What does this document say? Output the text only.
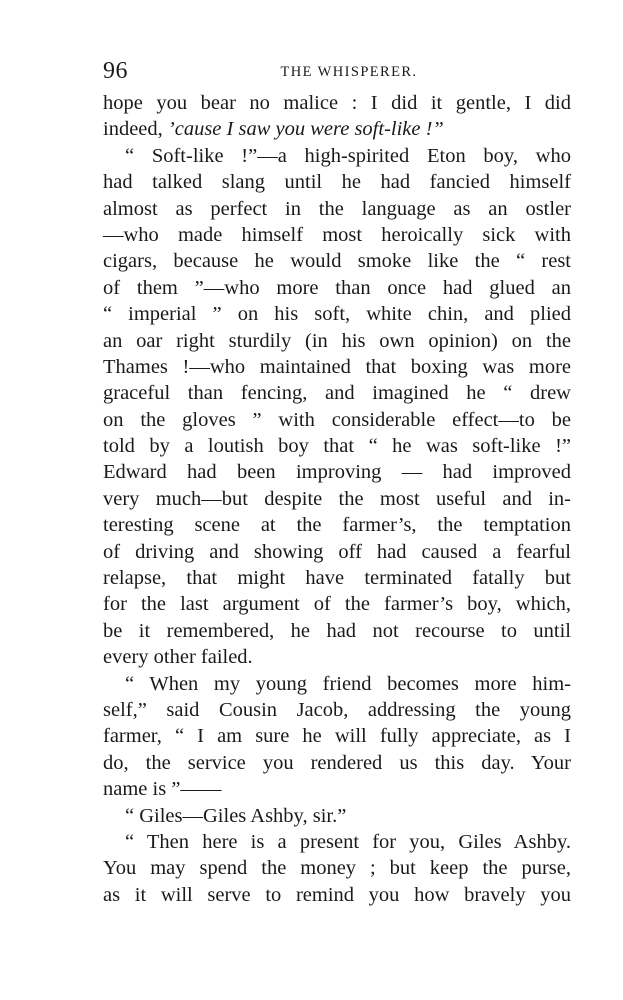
96	THE WHISPERER.
hope you bear no malice : I did it gentle, I did
indeed, ’cause I saw you were soft-like !”
“ Soft-like !”—a high-spirited Eton boy, who
had talked slang until he had fancied himself
almost as perfect in the language as an ostler
—who made himself most heroically sick with
cigars, because he would smoke like the “ rest
of them ”—who more than once had glued an
“ imperial ” on his soft, white chin, and plied
an oar right sturdily (in his own opinion) on the
Thames !—who maintained that boxing was more
graceful than fencing, and imagined he “ drew
on the gloves ” with considerable effect—to be
told by a loutish boy that “ he was soft-like !”
Edward had been improving — had improved
very much—but despite the most useful and in-
teresting scene at the farmer’s, the temptation
of driving and showing off had caused a fearful
relapse, that might have terminated fatally but
for the last argument of the farmer’s boy, which,
be it remembered, he had not recourse to until
every other failed.
“ When my young friend becomes more him-
self,” said Cousin Jacob, addressing the young
farmer, “ I am sure he will fully appreciate, as I
do, the service you rendered us this day. Your
name is ”——
“ Giles—Giles Ashby, sir.”
“ Then here is a present for you, Giles Ashby.
You may spend the money ; but keep the purse,
as it will serve to remind you how bravely you
